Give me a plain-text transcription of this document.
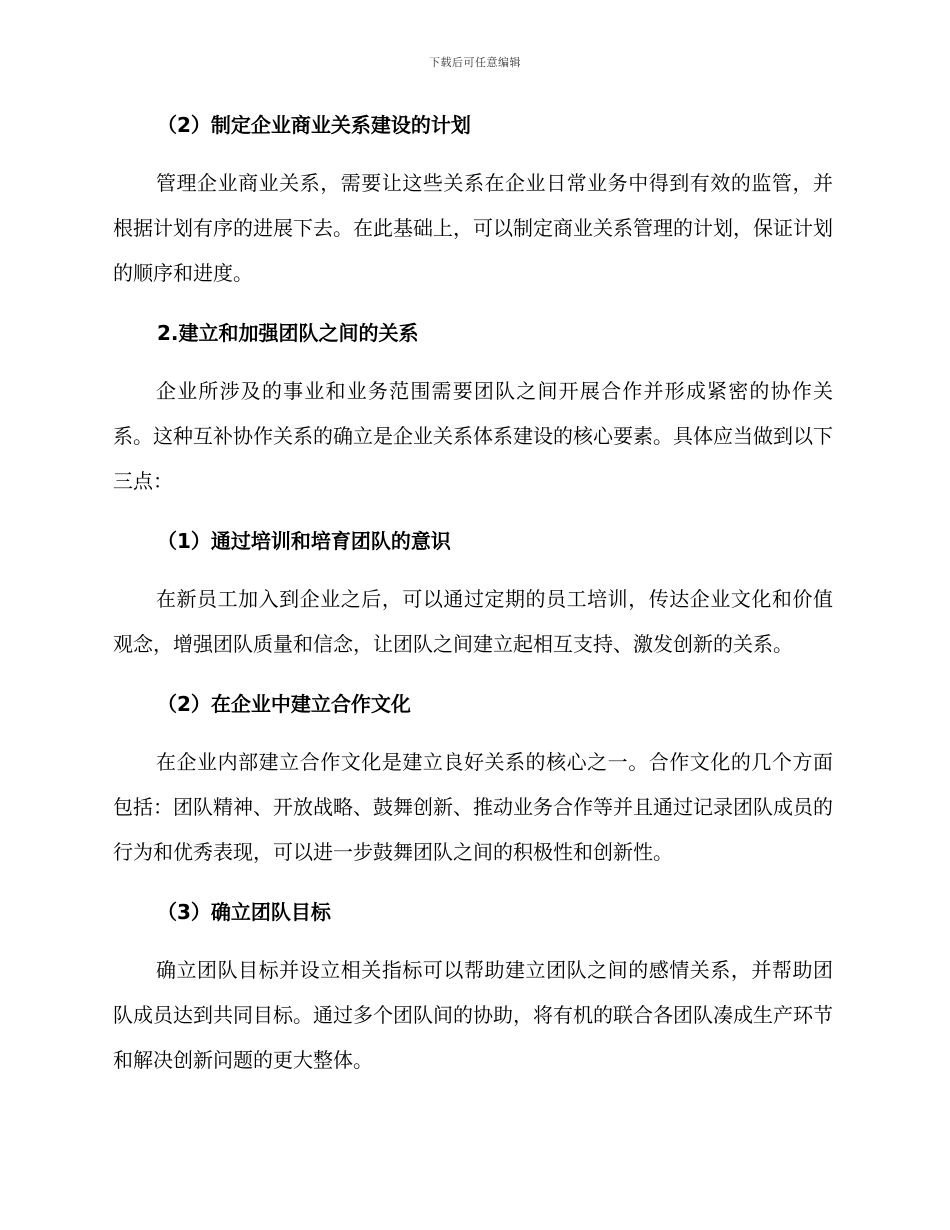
下载后可任意编辑

（2）制定企业商业关系建设的计划

管理企业商业关系，需要让这些关系在企业日常业务中得到有效的监管，并根据计划有序的进展下去。在此基础上，可以制定商业关系管理的计划，保证计划的顺序和进度。

2.建立和加强团队之间的关系

企业所涉及的事业和业务范围需要团队之间开展合作并形成紧密的协作关系。这种互补协作关系的确立是企业关系体系建设的核心要素。具体应当做到以下三点：

（1）通过培训和培育团队的意识

在新员工加入到企业之后，可以通过定期的员工培训，传达企业文化和价值观念，增强团队质量和信念，让团队之间建立起相互支持、激发创新的关系。

（2）在企业中建立合作文化

在企业内部建立合作文化是建立良好关系的核心之一。合作文化的几个方面包括：团队精神、开放战略、鼓舞创新、推动业务合作等并且通过记录团队成员的行为和优秀表现，可以进一步鼓舞团队之间的积极性和创新性。

（3）确立团队目标

确立团队目标并设立相关指标可以帮助建立团队之间的感情关系，并帮助团队成员达到共同目标。通过多个团队间的协助，将有机的联合各团队凑成生产环节和解决创新问题的更大整体。
